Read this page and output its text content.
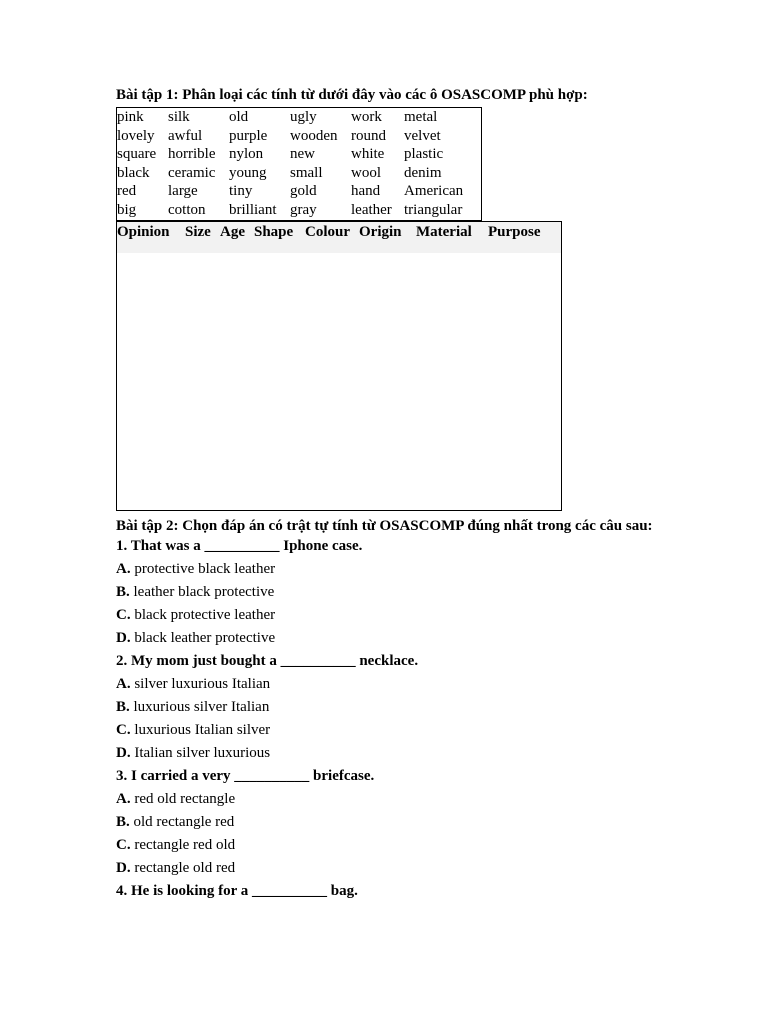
Bài tập 1: Phân loại các tính từ dưới đây vào các ô OSASCOMP phù hợp:
pink	silk	old	ugly	work	metal
lovely	awful	purple	wooden	round	velvet
square	horrible	nylon	new	white	plastic
black	ceramic	young	small	wool	denim
red	large	tiny	gold	hand	American
big	cotton	brilliant	gray	leather	triangular
Opinion	Size Age Shape Colour Origin Material	Purpose
Bài tập 2: Chọn đáp án có trật tự tính từ OSASCOMP đúng nhất trong các câu sau:
1. That was a __________ Iphone case.
A. protective black leather
B. leather black protective
C. black protective leather
D. black leather protective
2. My mom just bought a __________ necklace.
A. silver luxurious Italian
B. luxurious silver Italian
C. luxurious Italian silver
D. Italian silver luxurious
3. I carried a very __________ briefcase.
A. red old rectangle
B. old rectangle red
C. rectangle red old
D. rectangle old red
4. He is looking for a __________ bag.
